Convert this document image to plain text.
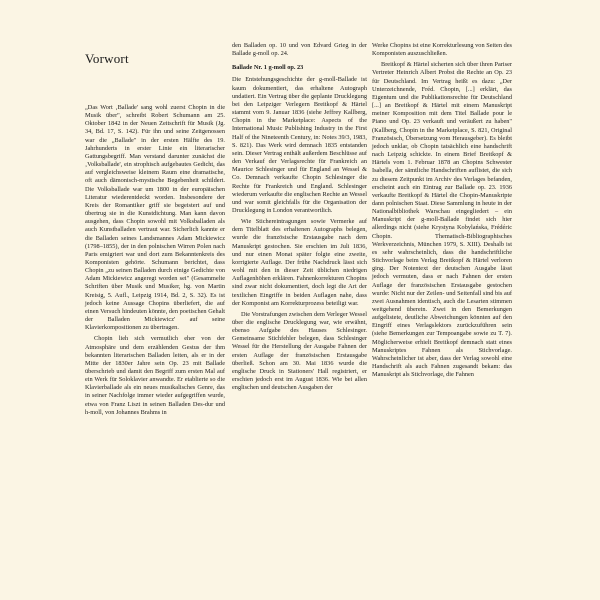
Vorwort

„Das Wort ‚Ballade' sang wohl zuerst Chopin in die Musik über", schreibt Robert Schumann am 25. Oktober 1842 in der Neuen Zeitschrift für Musik (Jg. 34, Bd. 17, S. 142). Für ihn und seine Zeitgenossen war die „Ballade" in der ersten Hälfte des 19. Jahrhunderts in erster Linie ein literarischer Gattungsbegriff. Man verstand darunter zunächst die ‚Volksballade', ein strophisch aufgebautes Gedicht, das auf vergleichsweise kleinem Raum eine dramatische, oft auch dämonisch-mystische Begebenheit schildert. Die Volksballade war um 1800 in der europäischen Literatur wiederentdeckt worden. Insbesondere der Kreis der Romantiker griff sie begeistert auf und übertrug sie in die Kunstdichtung. Man kann davon ausgehen, dass Chopin sowohl mit Volksballaden als auch Kunstballaden vertraut war. Sicherlich kannte er die Balladen seines Landsmannes Adam Mickiewicz (1798–1855), der in den polnischen Wirren Polen nach Paris emigriert war und dort zum Bekanntenkreis des Komponisten gehörte. Schumann berichtet, dass Chopin „zu seinen Balladen durch einige Gedichte von Adam Mickiewicz angeregt worden sei" (Gesammelte Schriften über Musik und Musiker, hg. von Martin Kreisig, 5. Aufl., Leipzig 1914, Bd. 2, S. 32). Es ist jedoch keine Aussage Chopins überliefert, die auf einen Versuch hindeuten könnte, den poetischen Gehalt der Balladen Mickiewicz' auf seine Klavierkompositionen zu übertragen.

Chopin lieh sich vermutlich eher von der Atmosphäre und dem erzählenden Gestus der ihm bekannten literarischen Balladen leiten, als er in der Mitte der 1830er Jahre sein Op. 23 mit Ballade überschrieb und damit den Begriff zum ersten Mal auf ein Werk für Soloklavier anwandte. Er etablierte so die Klavierballade als ein neues musikalisches Genre, das in seiner Nachfolge immer wieder aufgegriffen wurde, etwa von Franz Liszt in seinen Balladen Des-dur und h-moll, von Johannes Brahms in

den Balladen op. 10 und von Edvard Grieg in der Ballade g-moll op. 24.

Ballade Nr. 1 g-moll op. 23

Die Entstehungsgeschichte der g-moll-Ballade ist kaum dokumentiert, das erhaltene Autograph undatiert. Ein Vertrag über die geplante Drucklegung bei den Leipziger Verlegern Breitkopf & Härtel stammt vom 9. Januar 1836 (siehe Jeffrey Kallberg, Chopin in the Marketplace: Aspects of the International Music Publishing Industry in the First Half of the Nineteenth Century, in: Notes 39/3, 1983, S. 821). Das Werk wird demnach 1835 entstanden sein. Dieser Vertrag enthält außerdem Beschlüsse auf den Verkauf der Verlagsrechte für Frankreich an Maurice Schlesinger und für England an Wessel & Co. Demnach verkaufte Chopin Schlesinger die Rechte für Frankreich und England. Schlesinger wiederum verkaufte die englischen Rechte an Wessel und war somit gleichfalls für die Organisation der Drucklegung in London verantwortlich.

Wie Stichereintragungen sowie Vermerke auf dem Titelblatt des erhaltenen Autographs belegen, wurde die französische Erstausgabe nach dem Manuskript gestochen. Sie erschien im Juli 1836, und nur einen Monat später folgte eine zweite, korrigierte Auflage. Der frühe Nachdruck lässt sich wohl mit den in dieser Zeit üblichen niedrigen Auflagenhöhen erklären. Fahnenkorrekturen Chopins sind zwar nicht dokumentiert, doch legt die Art der textlichen Eingriffe in beiden Auflagen nahe, dass der Komponist am Korrekturprozess beteiligt war.

Die Vorstrafungen zwischen dem Verleger Wessel über die englische Drucklegung war, wie erwähnt, ebenso Aufgabe des Hauses Schlesinger. Gemeinsame Stichfehler belegen, dass Schlesinger Wessel für die Herstellung der Ausgabe Fahnen der ersten Auflage der französischen Erstausgabe überließ. Schon am 30. Mai 1836 wurde die englische Druck in Stationers' Hall registriert, er erschien jedoch erst im August 1836. Wie bei allen englischen und deutschen Ausgaben der

Werke Chopins ist eine Korrekturlesung von Seiten des Komponisten auszuschließen.

Breitkopf & Härtel sicherten sich über ihren Pariser Vertreter Heinrich Albert Probst die Rechte an Op. 23 für Deutschland. Im Vertrag heißt es dazu: „Der Unterzeichnende, Fréd. Chopin, [...] erklärt, das Eigentum und die Publikationsrechte für Deutschland [...] an Breitkopf & Härtel mit einem Manuskript meiner Komposition mit dem Titel Ballade pour le Piano und Op. 23 verkauft und veräußert zu haben" (Kallberg, Chopin in the Marketplace, S. 821, Original Französisch, Übersetzung vom Herausgeber). Es bleibt jedoch unklar, ob Chopin tatsächlich eine handschrift nach Leipzig schickte. In einem Brief Breitkopf & Härtels vom 1. Februar 1878 an Chopins Schwester Isabella, der sämtliche Handschriften auflistet, die sich zu diesem Zeitpunkt im Archiv des Verlages befanden, erscheint auch ein Eintrag zur Ballade op. 23. 1936 verkaufte Breitkopf & Härtel die Chopin-Manuskripte dann polnischen Staat. Diese Sammlung in heute in der Nationalbibliothek Warschau eingegliedert – ein Manuskript der g-moll-Ballade findet sich hier allerdings nicht (siehe Krystyna Kobylańska, Frédéric Chopin. Thematisch-Bibliographisches Werkverzeichnis, München 1979, S. XIII). Deshalb ist es sehr wahrscheinlich, dass die handschriftliche Stichvorlage beim Verlag Breitkopf & Härtel verloren ging. Der Notentext der deutschen Ausgabe lässt jedoch vermuten, dass er nach Fahnen der ersten Auflage der französischen Erstausgabe gestochen wurde: Nicht nur der Zeilen- und Seitenfall sind bis auf zwei Ausnahmen identisch, auch die Lesarten stimmen weitgehend überein. Zwei in den Bemerkungen aufgelistete, deutliche Abweichungen könnten auf den Eingriff eines Verlagslektors zurückzuführen sein (siehe Bemerkungen zur Tempoangabe sowie zu T. 7). Möglicherweise erhielt Breitkopf demnach statt eines Manuskriptes Fahnen als Stichvorlage. Wahrscheinlicher ist aber, dass der Verlag sowohl eine Handschrift als auch Fahnen zugesandt bekam: das Manuskript als Stichvorlage, die Fahnen
